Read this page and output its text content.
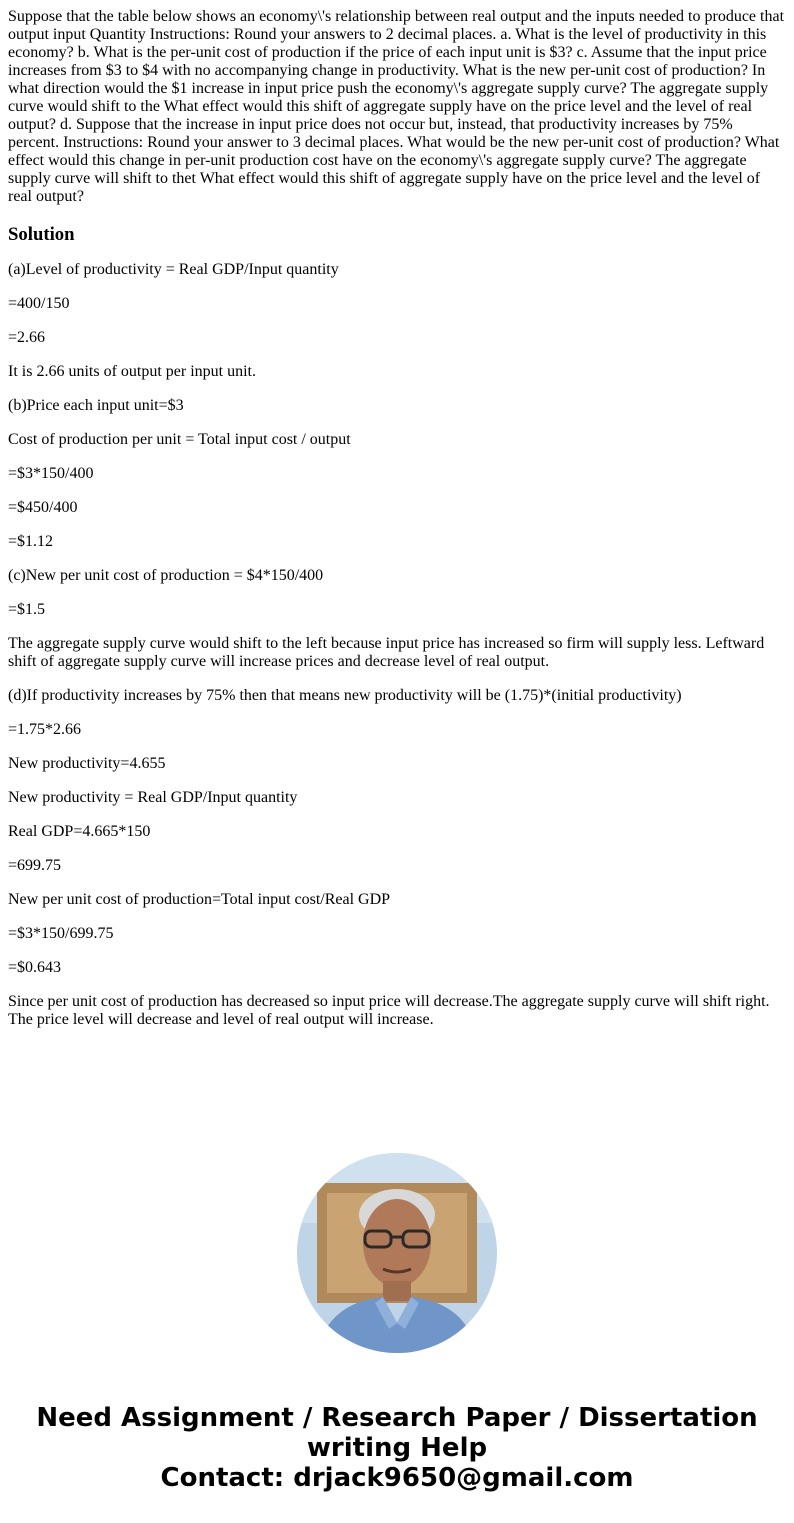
Suppose that the table below shows an economy\'s relationship between real output and the inputs needed to produce that output input Quantity Instructions: Round your answers to 2 decimal places. a. What is the level of productivity in this economy? b. What is the per-unit cost of production if the price of each input unit is $3? c. Assume that the input price increases from $3 to $4 with no accompanying change in productivity. What is the new per-unit cost of production? In what direction would the $1 increase in input price push the economy\'s aggregate supply curve? The aggregate supply curve would shift to the What effect would this shift of aggregate supply have on the price level and the level of real output? d. Suppose that the increase in input price does not occur but, instead, that productivity increases by 75% percent. Instructions: Round your answer to 3 decimal places. What would be the new per-unit cost of production? What effect would this change in per-unit production cost have on the economy\'s aggregate supply curve? The aggregate supply curve will shift to thet What effect would this shift of aggregate supply have on the price level and the level of real output?

Solution

(a)Level of productivity = Real GDP/Input quantity

=400/150

=2.66

It is 2.66 units of output per input unit.

(b)Price each input unit=$3

Cost of production per unit = Total input cost / output

=$3*150/400

=$450/400

=$1.12

(c)New per unit cost of production = $4*150/400

=$1.5

The aggregate supply curve would shift to the left because input price has increased so firm will supply less. Leftward shift of aggregate supply curve will increase prices and decrease level of real output.

(d)If productivity increases by 75% then that means new productivity will be (1.75)*(initial productivity)

=1.75*2.66

New productivity=4.655

New productivity = Real GDP/Input quantity

Real GDP=4.665*150

=699.75

New per unit cost of production=Total input cost/Real GDP

=$3*150/699.75

=$0.643

Since per unit cost of production has decreased so input price will decrease.The aggregate supply curve will shift right. The price level will decrease and level of real output will increase.

Need Assignment / Research Paper / Dissertation
writing Help
Contact: drjack9650@gmail.com
